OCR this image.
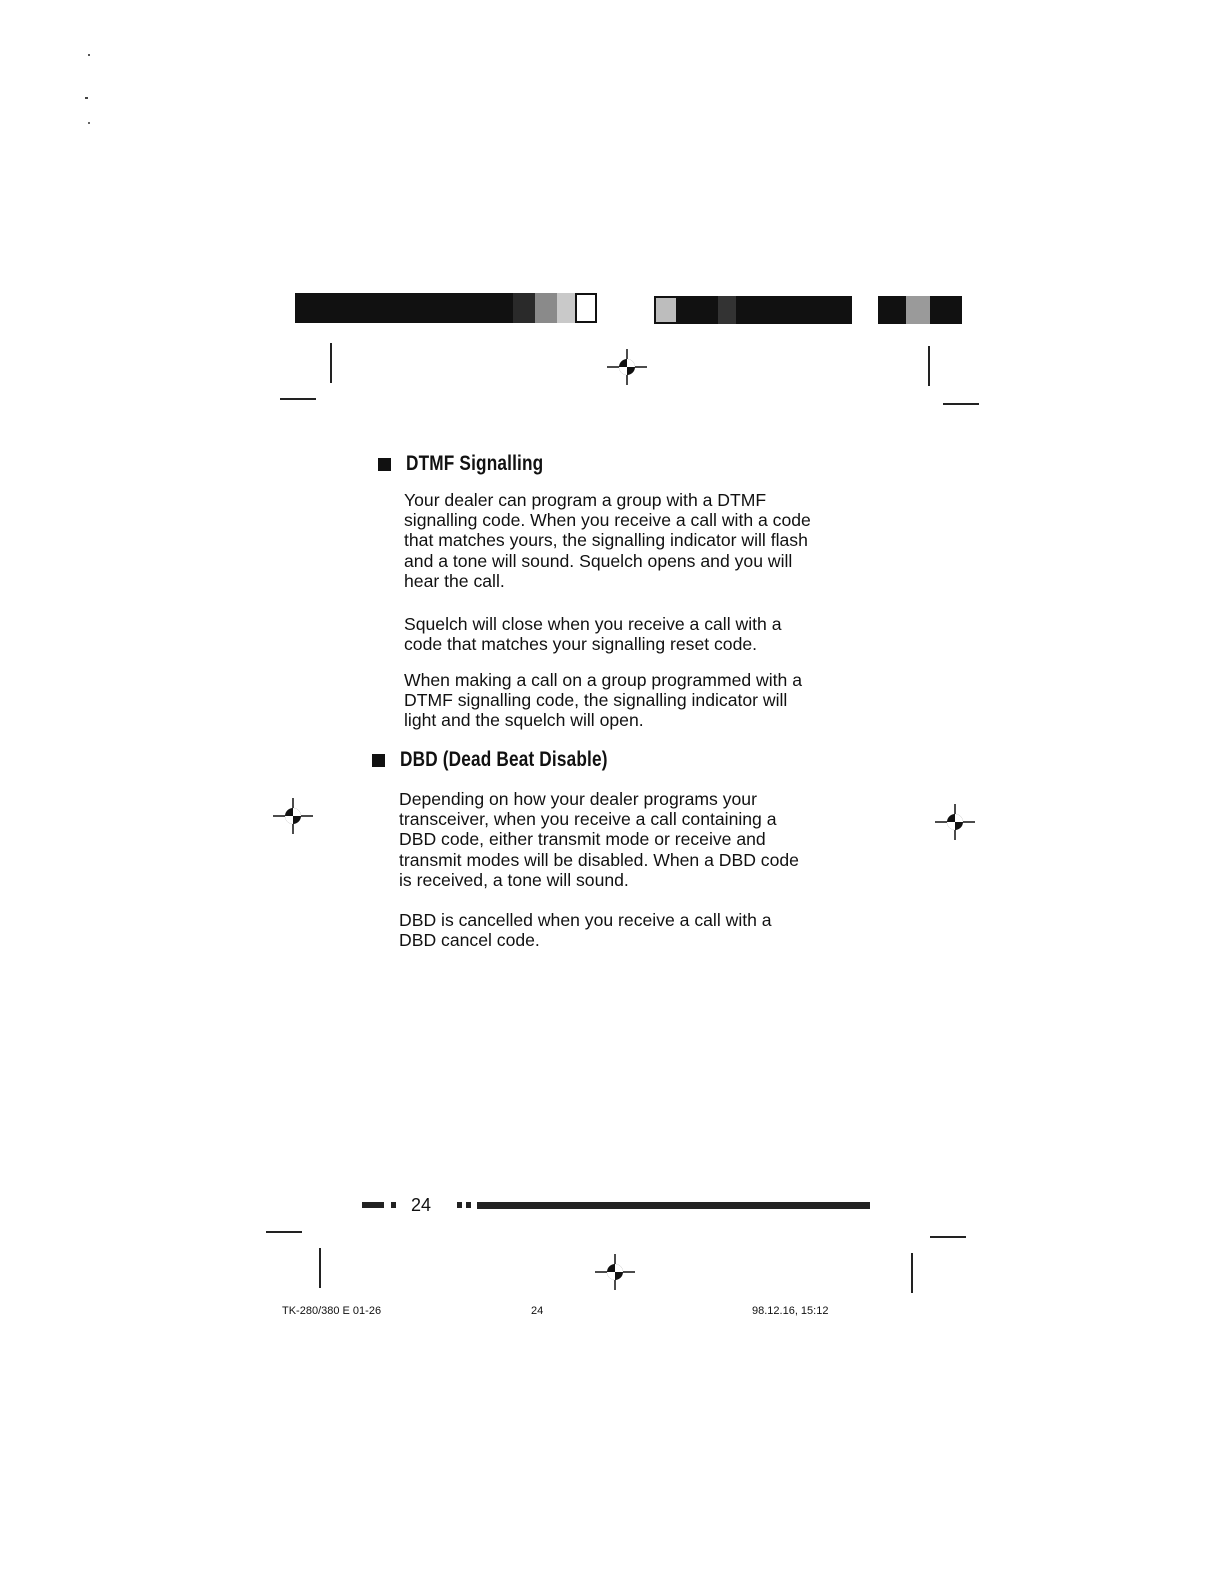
DTMF Signalling

Your dealer can program a group with a DTMF
signalling code. When you receive a call with a code
that matches yours, the signalling indicator will flash
and a tone will sound. Squelch opens and you will
hear the call.

Squelch will close when you receive a call with a
code that matches your signalling reset code.

When making a call on a group programmed with a
DTMF signalling code, the signalling indicator will
light and the squelch will open.

DBD (Dead Beat Disable)

Depending on how your dealer programs your
transceiver, when you receive a call containing a
DBD code, either transmit mode or receive and
transmit modes will be disabled. When a DBD code
is received, a tone will sound.

DBD is cancelled when you receive a call with a
DBD cancel code.

24
TK-280/380 E 01-26	24	98.12.16, 15:12
